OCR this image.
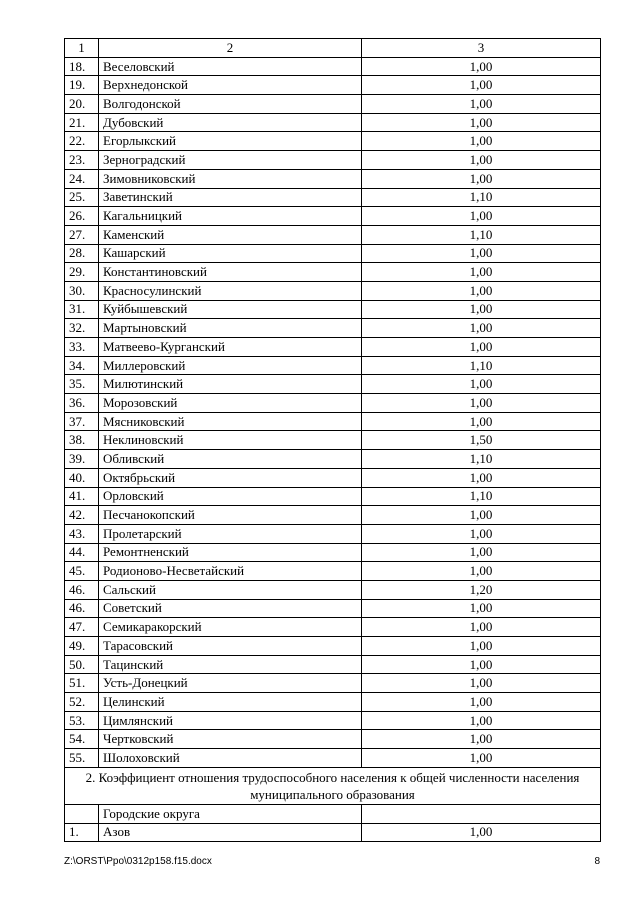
1	2	3
18.	Веселовский	1,00
19.	Верхнедонской	1,00
20.	Волгодонской	1,00
21.	Дубовский	1,00
22.	Егорлыкский	1,00
23.	Зерноградский	1,00
24.	Зимовниковский	1,00
25.	Заветинский	1,10
26.	Кагальницкий	1,00
27.	Каменский	1,10
28.	Кашарский	1,00
29.	Константиновский	1,00
30.	Красносулинский	1,00
31.	Куйбышевский	1,00
32.	Мартыновский	1,00
33.	Матвеево-Курганский	1,00
34.	Миллеровский	1,10
35.	Милютинский	1,00
36.	Морозовский	1,00
37.	Мясниковский	1,00
38.	Неклиновский	1,50
39.	Обливский	1,10
40.	Октябрьский	1,00
41.	Орловский	1,10
42.	Песчанокопский	1,00
43.	Пролетарский	1,00
44.	Ремонтненский	1,00
45.	Родионово-Несветайский	1,00
46.	Сальский	1,20
46.	Советский	1,00
47.	Семикаракорский	1,00
49.	Тарасовский	1,00
50.	Тацинский	1,00
51.	Усть-Донецкий	1,00
52.	Целинский	1,00
53.	Цимлянский	1,00
54.	Чертковский	1,00
55.	Шолоховский	1,00
2. Коэффициент отношения трудоспособного населения к общей численности населения муниципального образования		
	Городские округа	
1.	Азов	1,00
Z:\ORST\Ppo\0312p158.f15.docx	8
